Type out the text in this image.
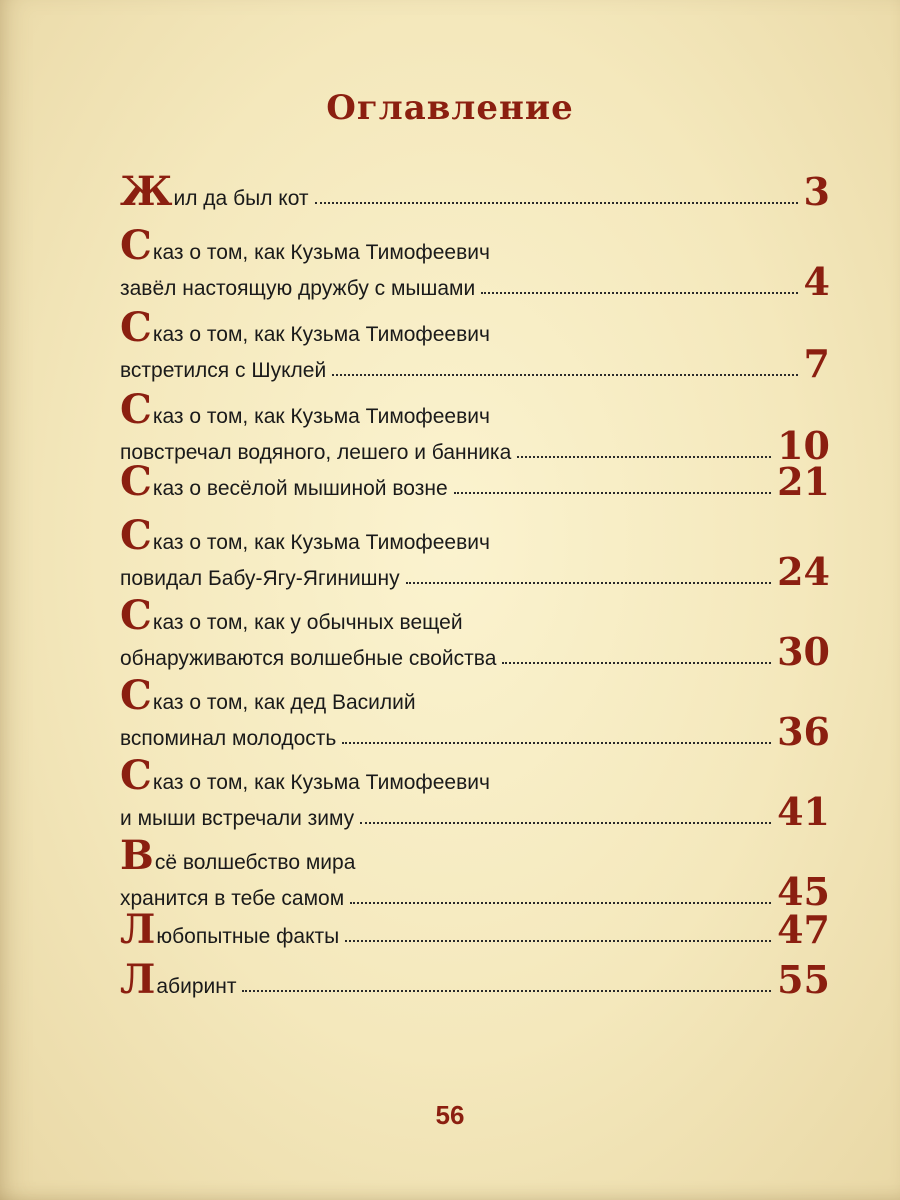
Оглавление
Ж ил да был кот	3
С каз о том, как Кузьма Тимофеевич
завёл настоящую дружбу с мышами	4
С каз о том, как Кузьма Тимофеевич
встретился с Шуклей	7
С каз о том, как Кузьма Тимофеевич
повстречал водяного, лешего и банника	10
С каз о весёлой мышиной возне	21
С каз о том, как Кузьма Тимофеевич
повидал Бабу-Ягу-Ягинишну	24
С каз о том, как у обычных вещей
обнаруживаются волшебные свойства	30
С каз о том, как дед Василий
вспоминал молодость	36
С каз о том, как Кузьма Тимофеевич
и мыши встречали зиму	41
В сё волшебство мира
хранится в тебе самом	45
Л юбопытные факты	47
Л абиринт	55
56
